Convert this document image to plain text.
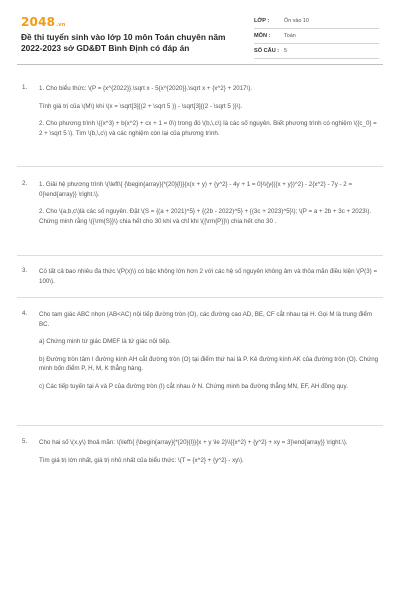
2048.vn
Đề thi tuyển sinh vào lớp 10 môn Toán chuyên năm 2022-2023 sở GD&ĐT Bình Định có đáp án
LỚP :	Ôn vào 10
MÔN :	Toán
SỐ CÂU : 5
1. 1. Cho biểu thức: \(P = {x^{2022}}.\sqrt x - 5{x^{2020}}.\sqrt x + {x^2} + 2017\).

Tính giá trị của \(M\) khi \(x = \sqrt[3]{(2 + \sqrt 5 )} - \sqrt[3]{(2 - \sqrt 5 )}\).

2. Cho phương trình \({x^3} + b{x^2} + cx + 1 = 0\) trong đó \(b,\,c\) là các số nguyên. Biết phương trình có nghiệm \({c_0} = 2 + \sqrt 5 \). Tìm \(b,\,c\) và các nghiệm còn lại của phương trình.

2. 1. Giải hệ phương trình \(\left\{ {\begin{array}{*{20}{l}}{x(x + y) + {y^2} - 4y + 1 = 0}\\{y{({x + y})^2} - 2{x^2} - 7y - 2 = 0}\end{array}} \right.\).

2. Cho \(a,b,c\)là các số nguyên. Đặt \(S = {(a + 2021)^5} + {(2b - 2022)^5} + {(3c + 2023)^5}\); \(P = a + 2b + 3c + 2023\). Chứng minh rằng \({\rm{S}}\) chia hết cho 30 khi và chỉ khi \({\rm{P}}\) chia hết cho 30 .

3. Có tất cả bao nhiêu đa thức \(P(x)\) có bậc không lớn hơn 2 với các hệ số nguyên không âm và thỏa mãn điều kiện \(P(3) = 100\).

4. Cho tam giác ABC nhọn (AB<AC) nội tiếp đường tròn (O), các đường cao AD, BE, CF cắt nhau tại H. Gọi M là trung điểm BC.

a) Chứng minh tứ giác DMEF là tứ giác nội tiếp.

b) Đường tròn tâm I đường kính AH cắt đường tròn (O) tại điểm thứ hai là P. Kẻ đường kính AK của đường tròn (O). Chứng minh bốn điểm P, H, M, K thẳng hàng.

c) Các tiếp tuyến tại A và P của đường tròn (I) cắt nhau ở N. Chứng minh ba đường thẳng MN, EF, AH đồng quy.

5. Cho hai số \(x,y\) thoả mãn: \(\left\{ {\begin{array}{*{20}{l}}{x + y \le 2}\\{{x^2} + {y^2} + xy = 3}\end{array}} \right.\).

Tìm giá trị lớn nhất, giá trị nhỏ nhất của biểu thức: \(T = {x^2} + {y^2} - xy\).
